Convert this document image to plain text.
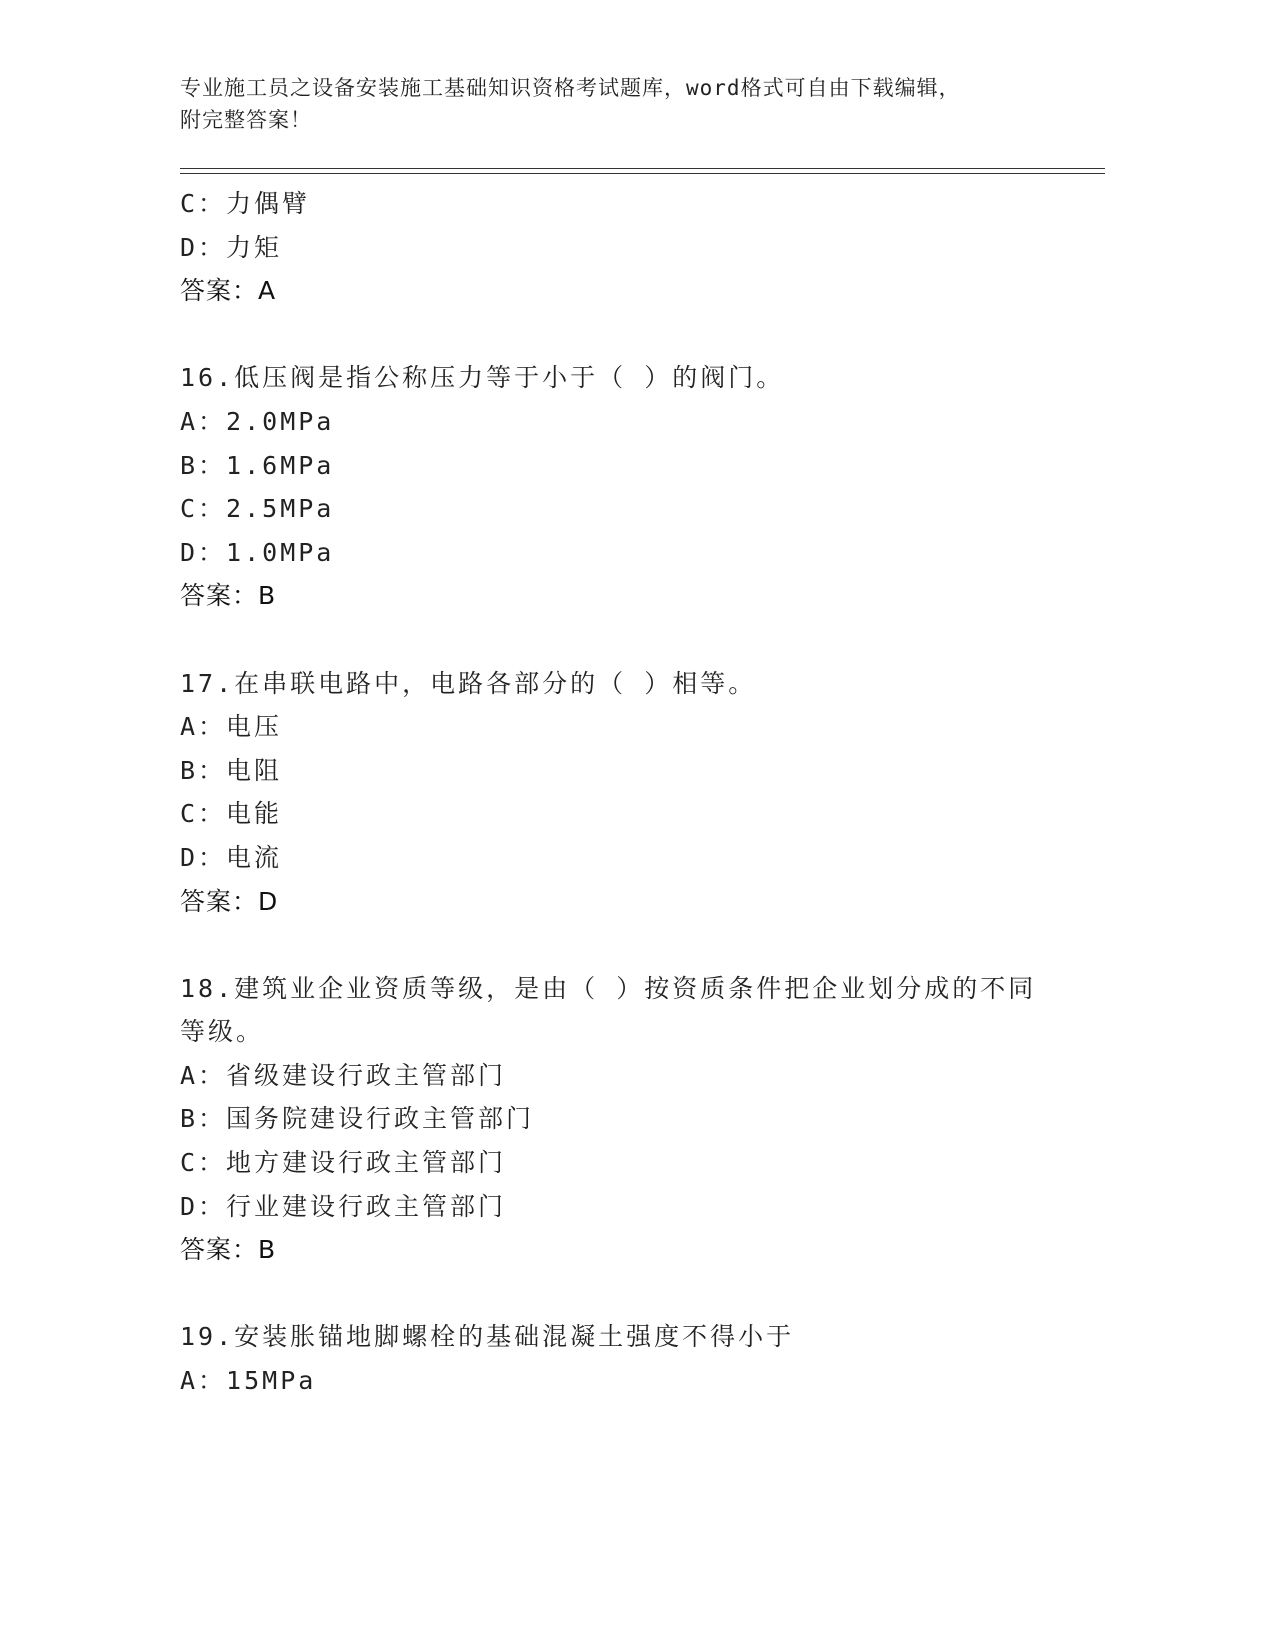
专业施工员之设备安装施工基础知识资格考试题库，word格式可自由下载编辑，
附完整答案！
C：力偶臂
D：力矩
答案：A
16.低压阀是指公称压力等于小于（ ）的阀门。
A：2.0MPa
B：1.6MPa
C：2.5MPa
D：1.0MPa
答案：B
17.在串联电路中，电路各部分的（ ）相等。
A：电压
B：电阻
C：电能
D：电流
答案：D
18.建筑业企业资质等级，是由（ ）按资质条件把企业划分成的不同
等级。
A：省级建设行政主管部门
B：国务院建设行政主管部门
C：地方建设行政主管部门
D：行业建设行政主管部门
答案：B
19.安装胀锚地脚螺栓的基础混凝土强度不得小于
A：15MPa
